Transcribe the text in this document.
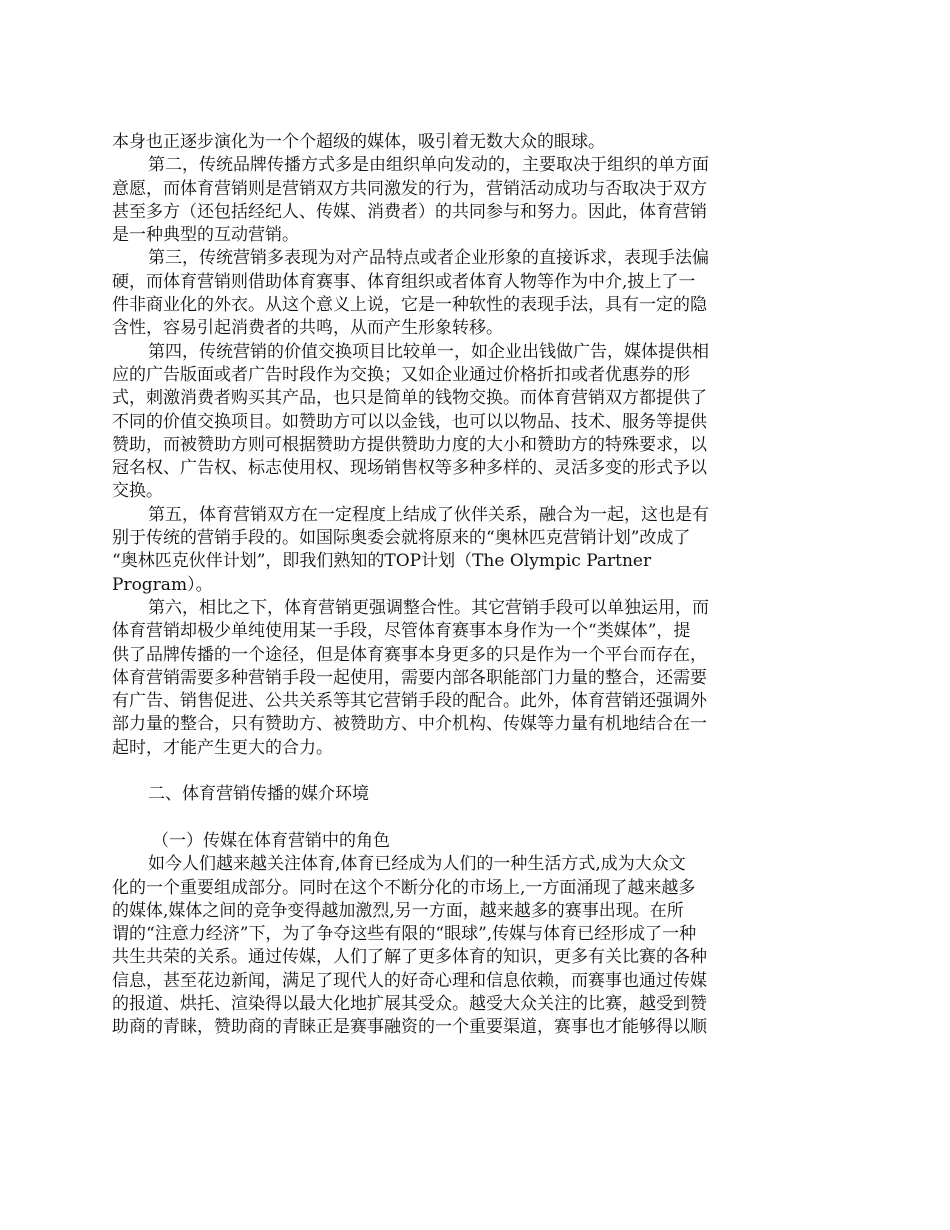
本身也正逐步演化为一个个超级的媒体，吸引着无数大众的眼球。
第二，传统品牌传播方式多是由组织单向发动的，主要取决于组织的单方面
意愿，而体育营销则是营销双方共同激发的行为，营销活动成功与否取决于双方
甚至多方（还包括经纪人、传媒、消费者）的共同参与和努力。因此，体育营销
是一种典型的互动营销。
第三，传统营销多表现为对产品特点或者企业形象的直接诉求，表现手法偏
硬，而体育营销则借助体育赛事、体育组织或者体育人物等作为中介,披上了一
件非商业化的外衣。从这个意义上说，它是一种软性的表现手法，具有一定的隐
含性，容易引起消费者的共鸣，从而产生形象转移。
第四，传统营销的价值交换项目比较单一，如企业出钱做广告，媒体提供相
应的广告版面或者广告时段作为交换；又如企业通过价格折扣或者优惠券的形
式，刺激消费者购买其产品，也只是简单的钱物交换。而体育营销双方都提供了
不同的价值交换项目。如赞助方可以以金钱，也可以以物品、技术、服务等提供
赞助，而被赞助方则可根据赞助方提供赞助力度的大小和赞助方的特殊要求，以
冠名权、广告权、标志使用权、现场销售权等多种多样的、灵活多变的形式予以
交换。
第五，体育营销双方在一定程度上结成了伙伴关系，融合为一起，这也是有
别于传统的营销手段的。如国际奥委会就将原来的“奥林匹克营销计划”改成了
“奥林匹克伙伴计划”，即我们熟知的TOP计划（The Olympic Partner
Program）。
第六，相比之下，体育营销更强调整合性。其它营销手段可以单独运用，而
体育营销却极少单纯使用某一手段，尽管体育赛事本身作为一个“类媒体”，提
供了品牌传播的一个途径，但是体育赛事本身更多的只是作为一个平台而存在，
体育营销需要多种营销手段一起使用，需要内部各职能部门力量的整合，还需要
有广告、销售促进、公共关系等其它营销手段的配合。此外，体育营销还强调外
部力量的整合，只有赞助方、被赞助方、中介机构、传媒等力量有机地结合在一
起时，才能产生更大的合力。
二、体育营销传播的媒介环境
（一）传媒在体育营销中的角色
如今人们越来越关注体育,体育已经成为人们的一种生活方式,成为大众文
化的一个重要组成部分。同时在这个不断分化的市场上,一方面涌现了越来越多
的媒体,媒体之间的竞争变得越加激烈,另一方面，越来越多的赛事出现。在所
谓的“注意力经济”下，为了争夺这些有限的“眼球”,传媒与体育已经形成了一种
共生共荣的关系。通过传媒，人们了解了更多体育的知识，更多有关比赛的各种
信息，甚至花边新闻，满足了现代人的好奇心理和信息依赖，而赛事也通过传媒
的报道、烘托、渲染得以最大化地扩展其受众。越受大众关注的比赛，越受到赞
助商的青睐，赞助商的青睐正是赛事融资的一个重要渠道，赛事也才能够得以顺
